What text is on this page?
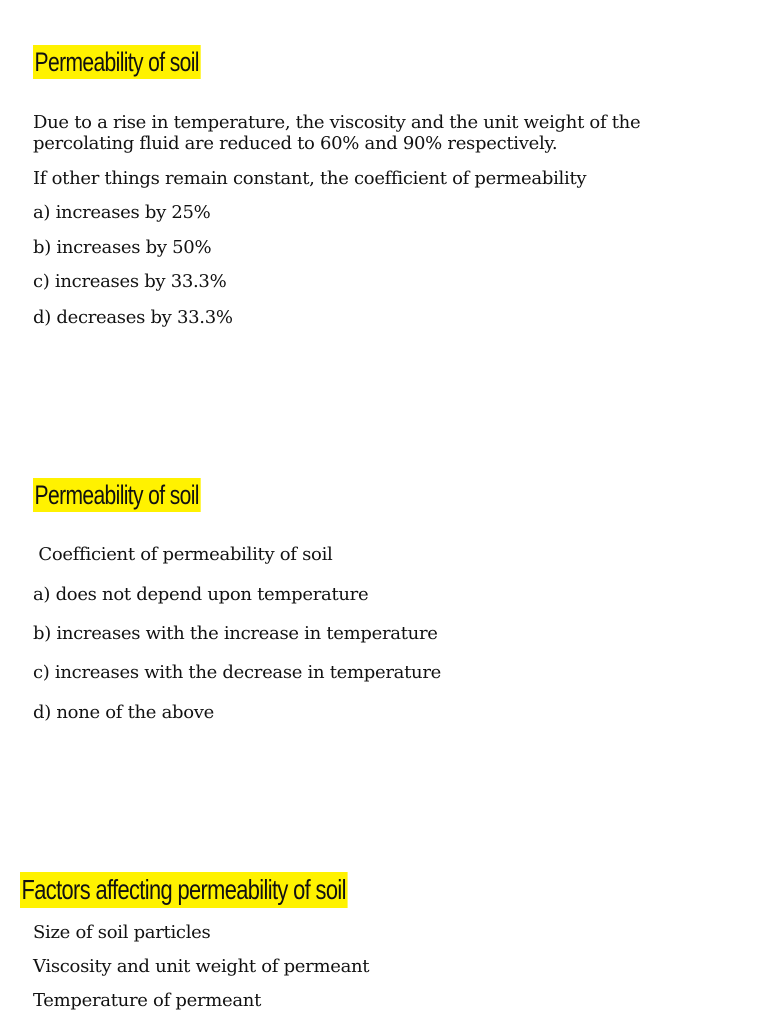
Permeability of soil
Due to a rise in temperature, the viscosity and the unit weight of the percolating fluid are reduced to 60% and 90% respectively.
If other things remain constant, the coefficient of permeability
a) increases by 25%
b) increases by 50%
c) increases by 33.3%
d) decreases by 33.3%
Permeability of soil
Coefficient of permeability of soil
a) does not depend upon temperature
b) increases with the increase in temperature
c) increases with the decrease in temperature
d) none of the above
Factors affecting permeability of soil
Size of soil particles
Viscosity and unit weight of permeant
Temperature of permeant
